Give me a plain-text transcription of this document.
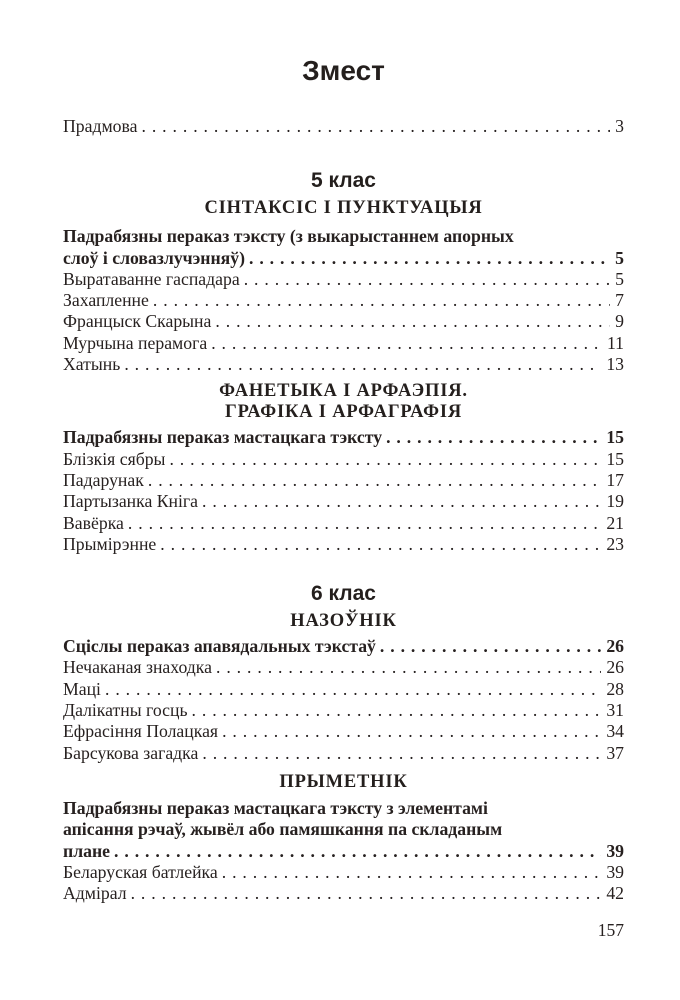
Змест
Прадмова . . .	3
5 клас
СІНТАКСІС І ПУНКТУАЦЫЯ
Падрабязны пераказ тэксту (з выкарыстаннем апорных
слоў і словазлучэнняў) . . .	5
Выратаванне гаспадара . . .	5
Захапленне . . .	7
Францыск Скарына . . .	9
Мурчына перамога . . .	11
Хатынь . . .	13
ФАНЕТЫКА І АРФАЭПІЯ.
ГРАФІКА І АРФАГРАФІЯ
Падрабязны пераказ мастацкага тэксту . . .	15
Блізкія сябры . . .	15
Падарунак . . .	17
Партызанка Кніга . . .	19
Вавёрка . . .	21
Прымірэнне . . .	23
6 клас
НАЗОЎНІК
Сціслы пераказ апавядальных тэкстаў . . .	26
Нечаканая знаходка . . .	26
Маці . . .	28
Далікатны госць . . .	31
Ефрасіння Полацкая . . .	34
Барсукова загадка . . .	37
ПРЫМЕТНІК
Падрабязны пераказ мастацкага тэксту з элементамі
апісання рэчаў, жывёл або памяшкання па складаным
плане . . .	39
Беларуская батлейка . . .	39
Адмірал . . .	42
157
